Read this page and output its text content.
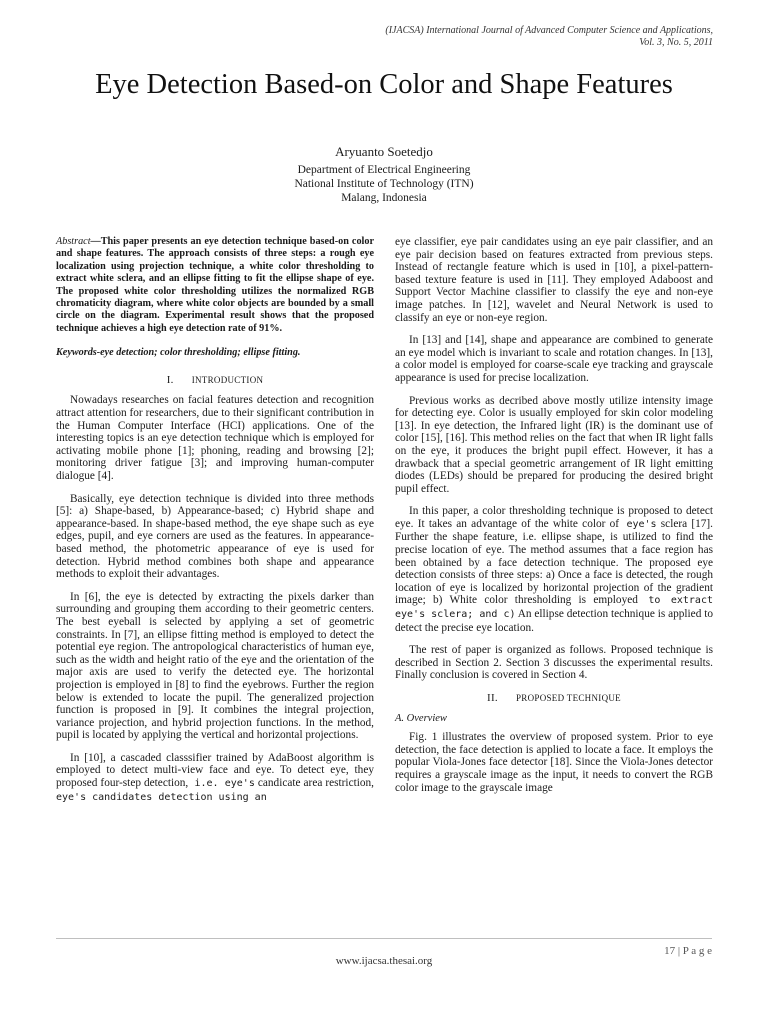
(IJACSA) International Journal of Advanced Computer Science and Applications,
Vol. 3, No. 5, 2011
Eye Detection Based-on Color and Shape Features
Aryuanto Soetedjo
Department of Electrical Engineering
National Institute of Technology (ITN)
Malang, Indonesia
Abstract—This paper presents an eye detection technique based-on color and shape features. The approach consists of three steps: a rough eye localization using projection technique, a white color thresholding to extract white sclera, and an ellipse fitting to fit the ellipse shape of eye. The proposed white color thresholding utilizes the normalized RGB chromaticity diagram, where white color objects are bounded by a small circle on the diagram. Experimental result shows that the proposed technique achieves a high eye detection rate of 91%.
Keywords-eye detection; color thresholding; ellipse fitting.
I. INTRODUCTION

Nowadays researches on facial features detection and recognition attract attention for researchers, due to their significant contribution in the Human Computer Interface (HCI) applications. One of the interesting topics is an eye detection technique which is employed for activating mobile phone [1]; phoning, reading and browsing [2]; monitoring driver fatigue [3]; and improving human-computer dialogue [4].

Basically, eye detection technique is divided into three methods [5]: a) Shape-based, b) Appearance-based; c) Hybrid shape and appearance-based. In shape-based method, the eye shape such as eye edges, pupil, and eye corners are used as the features. In appearance-based method, the photometric appearance of eye is used for detection. Hybrid method combines both shape and appearance methods to exploit their advantages.

In [6], the eye is detected by extracting the pixels darker than surrounding and grouping them according to their geometric centers. The best eyeball is selected by applying a set of geometric constraints. In [7], an ellipse fitting method is employed to detect the potential eye region. The antropological characteristics of human eye, such as the width and height ratio of the eye and the orientation of the major axis are used to verify the detected eye. The horizontal projection is employed in [8] to find the eyebrows. Further the region below is extended to locate the pupil. The generalized projection function is proposed in [9]. It combines the integral projection, variance projection, and hybrid projection functions. In the method, pupil is located by applying the vertical and horizontal projections.

In [10], a cascaded classsifier trained by AdaBoost algorithm is employed to detect multi-view face and eye. To detect eye, they proposed four-step detection, i.e. eye's candicate area restriction, eye's candidates detection using an

eye classifier, eye pair candidates using an eye pair classifier, and an eye pair decision based on features extracted from previous steps. Instead of rectangle feature which is used in [10], a pixel-pattern-based texture feature is used in [11]. They employed Adaboost and Support Vector Machine classifier to classify the eye and non-eye image patches. In [12], wavelet and Neural Network is used to classify an eye or non-eye region.

In [13] and [14], shape and appearance are combined to generate an eye model which is invariant to scale and rotation changes. In [13], a color model is employed for coarse-scale eye tracking and grayscale appearance is used for precise localization.

Previous works as decribed above mostly utilize intensity image for detecting eye. Color is usually employed for skin color modeling [13]. In eye detection, the Infrared light (IR) is the dominant use of color [15], [16]. This method relies on the fact that when IR light falls on the eye, it produces the bright pupil effect. However, it has a drawback that a special geometric arrangement of IR light emitting diodes (LEDs) should be prepared for producing the desired bright pupil effect.

In this paper, a color thresholding technique is proposed to detect eye. It takes an advantage of the white color of eye's sclera [17]. Further the shape feature, i.e. ellipse shape, is utilized to find the precise location of eye. The method assumes that a face region has been obtained by a face detection technique. The proposed eye detection consists of three steps: a) Once a face is detected, the rough location of eye is localized by horizontal projection of the gradient image; b) White color thresholding is employed to extract eye's sclera; and c) An ellipse detection technique is applied to detect the precise eye location.

The rest of paper is organized as follows. Proposed technique is described in Section 2. Section 3 discusses the experimental results. Finally conclusion is covered in Section 4.

II. PROPOSED TECHNIQUE
A. Overview

Fig. 1 illustrates the overview of proposed system. Prior to eye detection, the face detection is applied to locate a face. It employs the popular Viola-Jones face detector [18]. Since the Viola-Jones detector requires a grayscale image as the input, it needs to convert the RGB color image to the grayscale image

17 | P a g e
www.ijacsa.thesai.org
